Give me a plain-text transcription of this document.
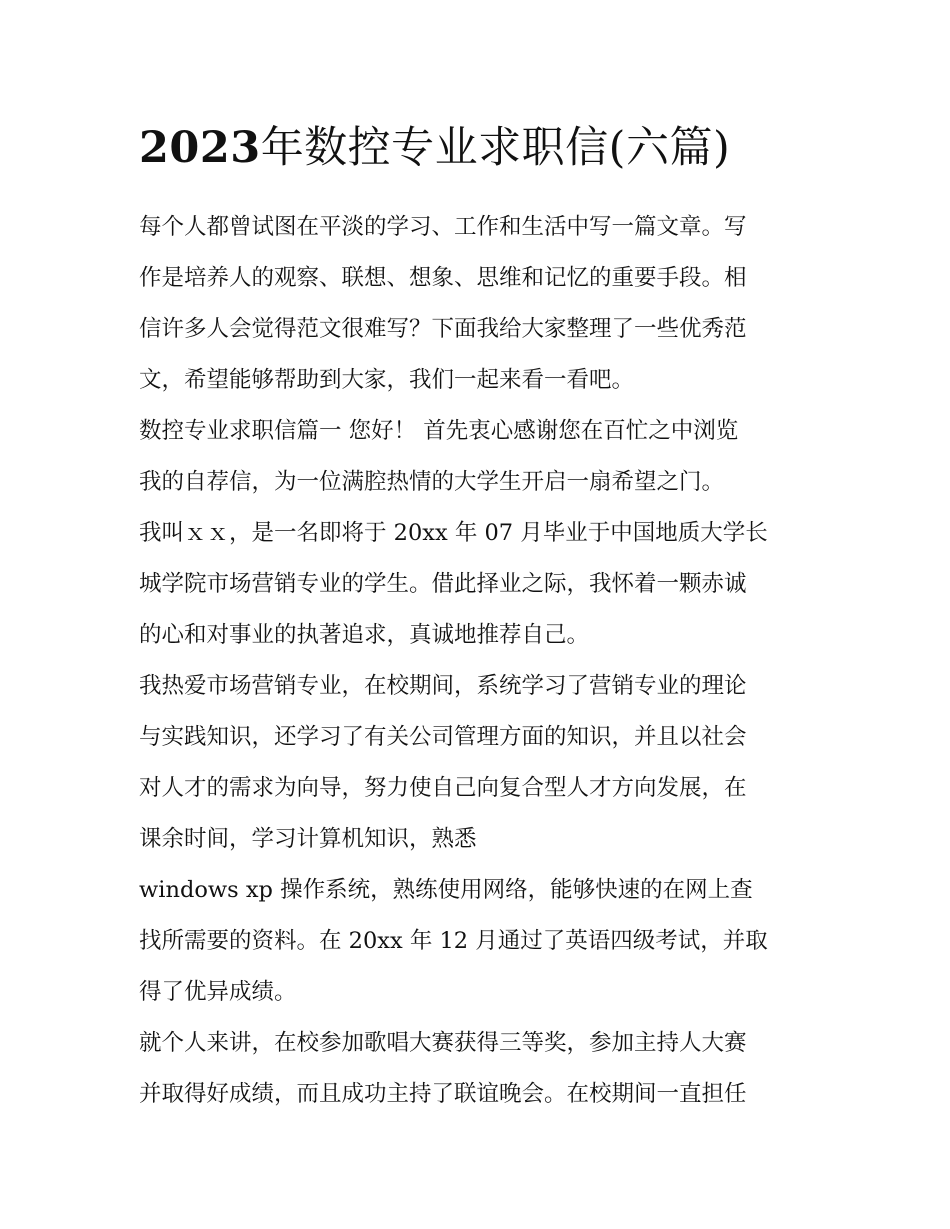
2023年数控专业求职信(六篇)

每个人都曾试图在平淡的学习、工作和生活中写一篇文章。写
作是培养人的观察、联想、想象、思维和记忆的重要手段。相
信许多人会觉得范文很难写？下面我给大家整理了一些优秀范
文，希望能够帮助到大家，我们一起来看一看吧。

数控专业求职信篇一 您好！ 首先衷心感谢您在百忙之中浏览
我的自荐信，为一位满腔热情的大学生开启一扇希望之门。

我叫ｘｘ，是一名即将于 20xx 年 07 月毕业于中国地质大学长
城学院市场营销专业的学生。借此择业之际，我怀着一颗赤诚
的心和对事业的执著追求，真诚地推荐自己。

我热爱市场营销专业，在校期间，系统学习了营销专业的理论
与实践知识，还学习了有关公司管理方面的知识，并且以社会
对人才的需求为向导，努力使自己向复合型人才方向发展，在
课余时间，学习计算机知识，熟悉
windows xp 操作系统，熟练使用网络，能够快速的在网上查
找所需要的资料。在 20xx 年 12 月通过了英语四级考试，并取
得了优异成绩。

就个人来讲，在校参加歌唱大赛获得三等奖，参加主持人大赛
并取得好成绩，而且成功主持了联谊晚会。在校期间一直担任
